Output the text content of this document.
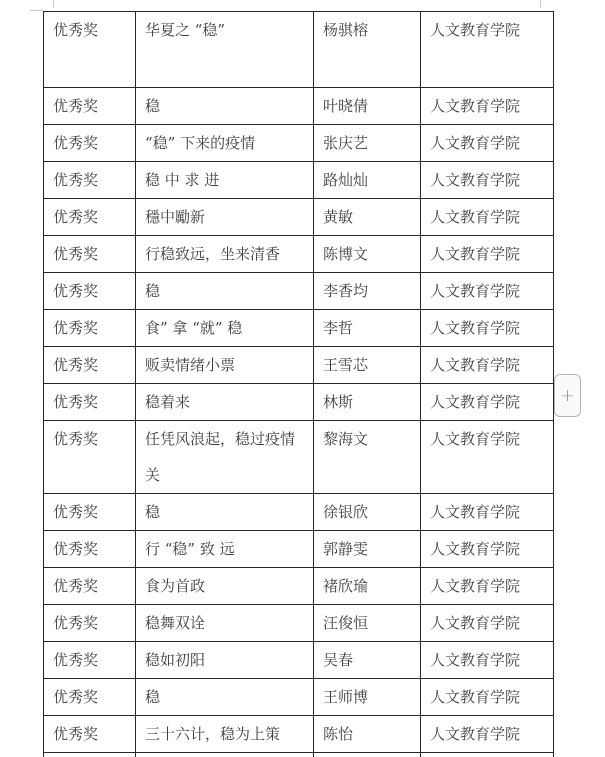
优秀奖	华夏之 “稳”	杨骐榕	人文教育学院
优秀奖	稳	叶晓倩	人文教育学院
优秀奖	“稳” 下来的疫情	张庆艺	人文教育学院
优秀奖	稳 中 求 进	路灿灿	人文教育学院
优秀奖	穩中勵新	黄敏	人文教育学院
优秀奖	行稳致远，坐来清香	陈博文	人文教育学院
优秀奖	稳	李香均	人文教育学院
优秀奖	食” 拿 “就” 稳	李哲	人文教育学院
优秀奖	贩卖情绪小票	王雪芯	人文教育学院
优秀奖	稳着来	林斯	人文教育学院
优秀奖	任凭风浪起，稳过疫情关	黎海文	人文教育学院
优秀奖	稳	徐银欣	人文教育学院
优秀奖	行 “稳” 致 远	郭静雯	人文教育学院
优秀奖	食为首政	褚欣瑜	人文教育学院
优秀奖	稳舞双诠	汪俊恒	人文教育学院
优秀奖	稳如初阳	吴春	人文教育学院
优秀奖	稳	王师博	人文教育学院
优秀奖	三十六计，稳为上策	陈怡	人文教育学院

+
